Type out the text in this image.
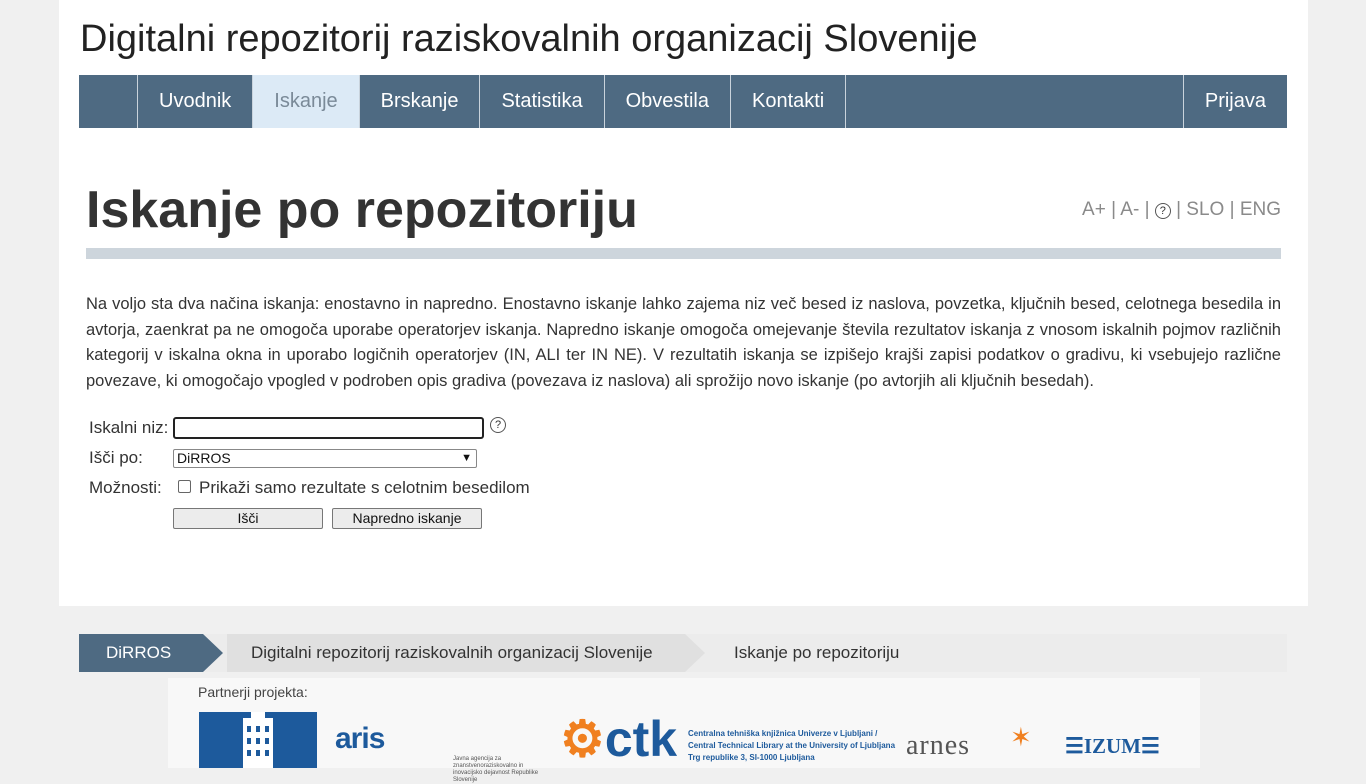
Digitalni repozitorij raziskovalnih organizacij Slovenije
Uvodnik	Iskanje	Brskanje	Statistika	Obvestila	Kontakti	Prijava
Iskanje po repozitoriju	A+ | A- | ? | SLO | ENG

Na voljo sta dva načina iskanja: enostavno in napredno. Enostavno iskanje lahko zajema niz več besed iz naslova, povzetka, ključnih besed, celotnega besedila in avtorja, zaenkrat pa ne omogoča uporabe operatorjev iskanja. Napredno iskanje omogoča omejevanje števila rezultatov iskanja z vnosom iskalnih pojmov različnih kategorij v iskalna okna in uporabo logičnih operatorjev (IN, ALI ter IN NE). V rezultatih iskanja se izpišejo krajši zapisi podatkov o gradivu, ki vsebujejo različne povezave, ki omogočajo vpogled v podroben opis gradiva (povezava iz naslova) ali sprožijo novo iskanje (po avtorjih ali ključnih besedah).

Iskalni niz:	?
Išči po: DiRROS	▼
Možnosti: Prikaži samo rezultate s celotnim besedilom
Išči	Napredno iskanje
DiRROS	Digitalni repozitorij raziskovalnih organizacij Slovenije	Iskanje po repozitoriju
Partnerji projekta:
aris
Javna agencija za znanstvenoraziskovalno in inovacijsko dejavnost Republike Slovenije
⚙ctk Centralna tehniška knjižnica Univerze v Ljubljani / Central Technical Library at the University of Ljubljana Trg republike 3, SI-1000 Ljubljana	arnes ✶ ☰IZUM☰
